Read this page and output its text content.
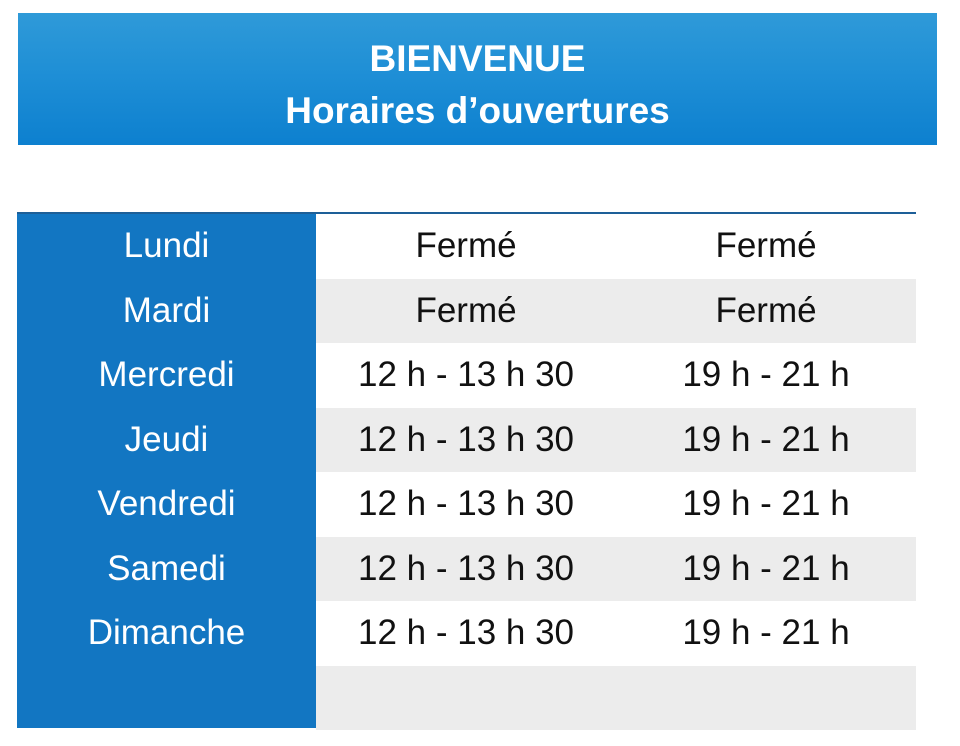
BIENVENUE
Horaires d’ouvertures
Lundi	Fermé	Fermé
Mardi	Fermé	Fermé
Mercredi	12 h - 13 h 30	19 h - 21 h
Jeudi	12 h - 13 h 30	19 h - 21 h
Vendredi	12 h - 13 h 30	19 h - 21 h
Samedi	12 h - 13 h 30	19 h - 21 h
Dimanche	12 h - 13 h 30	19 h - 21 h
